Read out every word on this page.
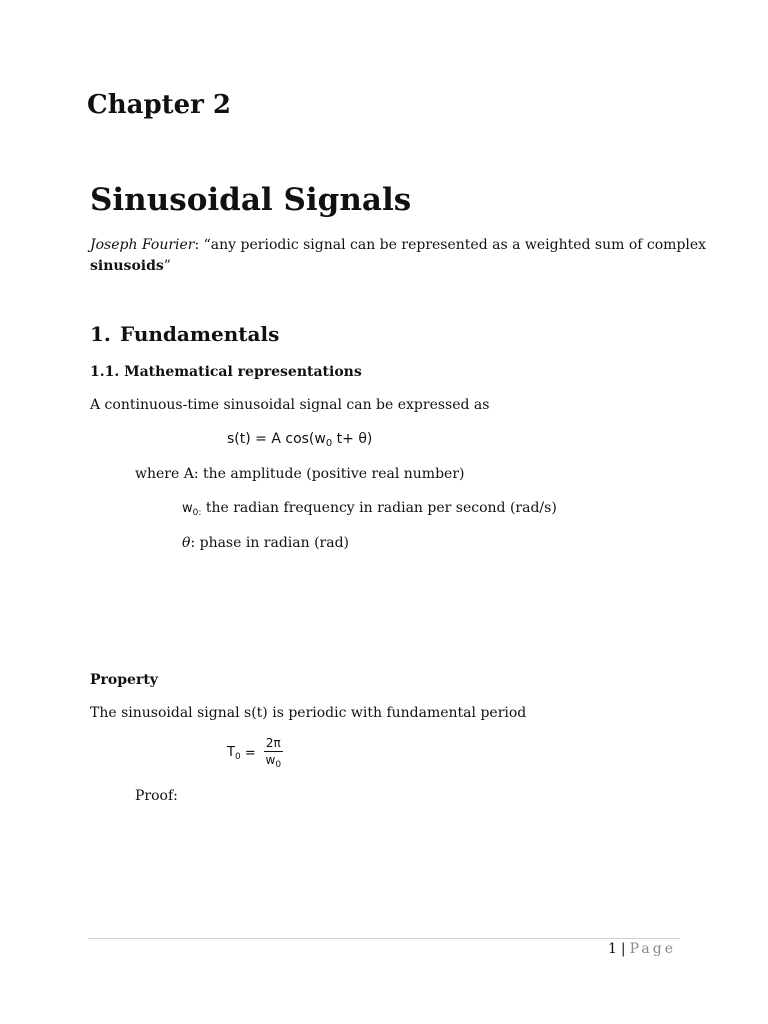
Chapter 2
Sinusoidal Signals
Joseph Fourier: “any periodic signal can be represented as a weighted sum of complex
sinusoids”
1. Fundamentals
1.1. Mathematical representations
A continuous-time sinusoidal signal can be expressed as
s(t) = A $\cos(w_0$ t+ θ)
where A: the amplitude (positive real number)
$w_{0:}$ the radian frequency in radian per second (rad/s)
θ: phase in radian (rad)
Property
The sinusoidal signal s(t) is periodic with fundamental period
$T_0 = \frac{2\pi}{w_0}$
Proof:
1 | Page
